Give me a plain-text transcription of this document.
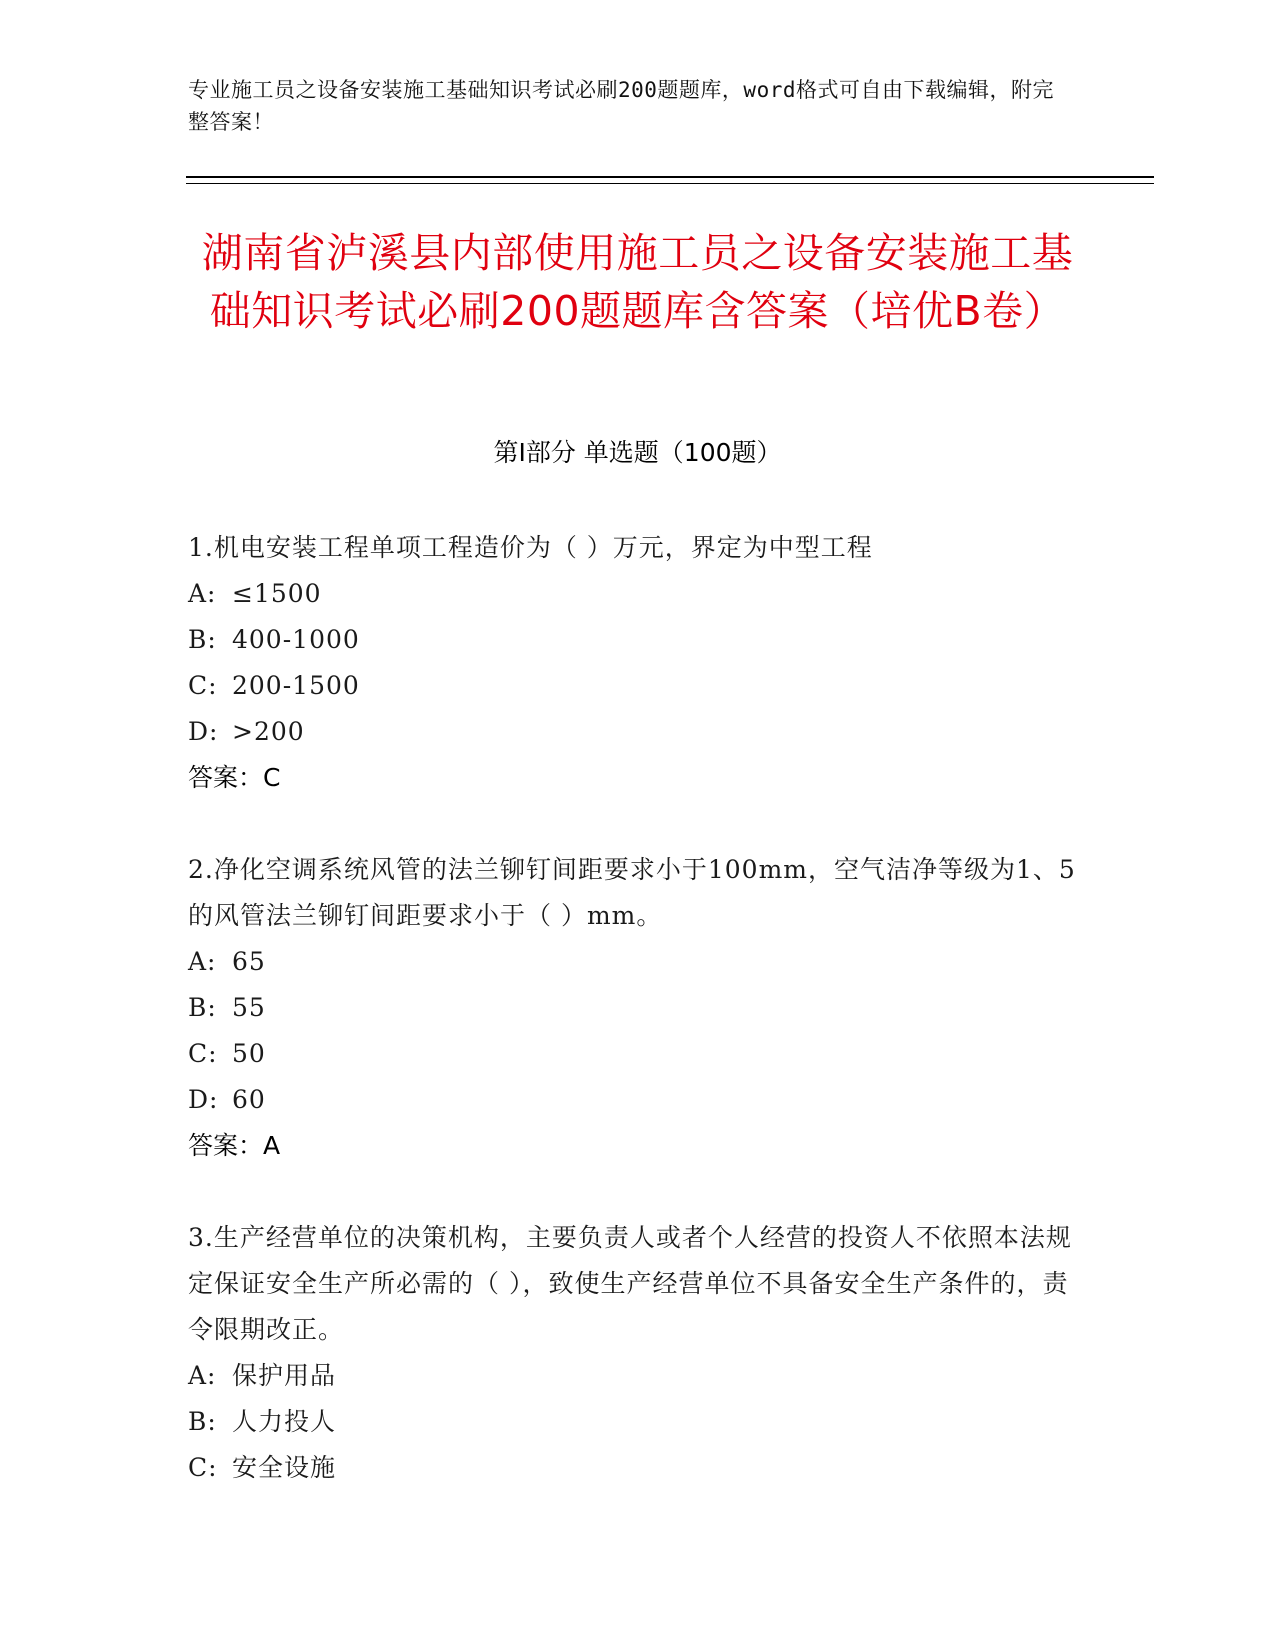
专业施工员之设备安装施工基础知识考试必刷200题题库，word格式可自由下载编辑，附完整答案！
湖南省泸溪县内部使用施工员之设备安装施工基础知识考试必刷200题题库含答案（培优B卷）
第Ⅰ部分 单选题（100题）
1.机电安装工程单项工程造价为（ ）万元，界定为中型工程
A: ≤1500
B: 400-1000
C: 200-1500
D: >200
答案：C
2.净化空调系统风管的法兰铆钉间距要求小于100mm，空气洁净等级为1、5的风管法兰铆钉间距要求小于（ ）mm。
A: 65
B: 55
C: 50
D: 60
答案：A
3.生产经营单位的决策机构，主要负责人或者个人经营的投资人不依照本法规定保证安全生产所必需的（ ），致使生产经营单位不具备安全生产条件的，责令限期改正。
A: 保护用品
B: 人力投人
C: 安全设施
